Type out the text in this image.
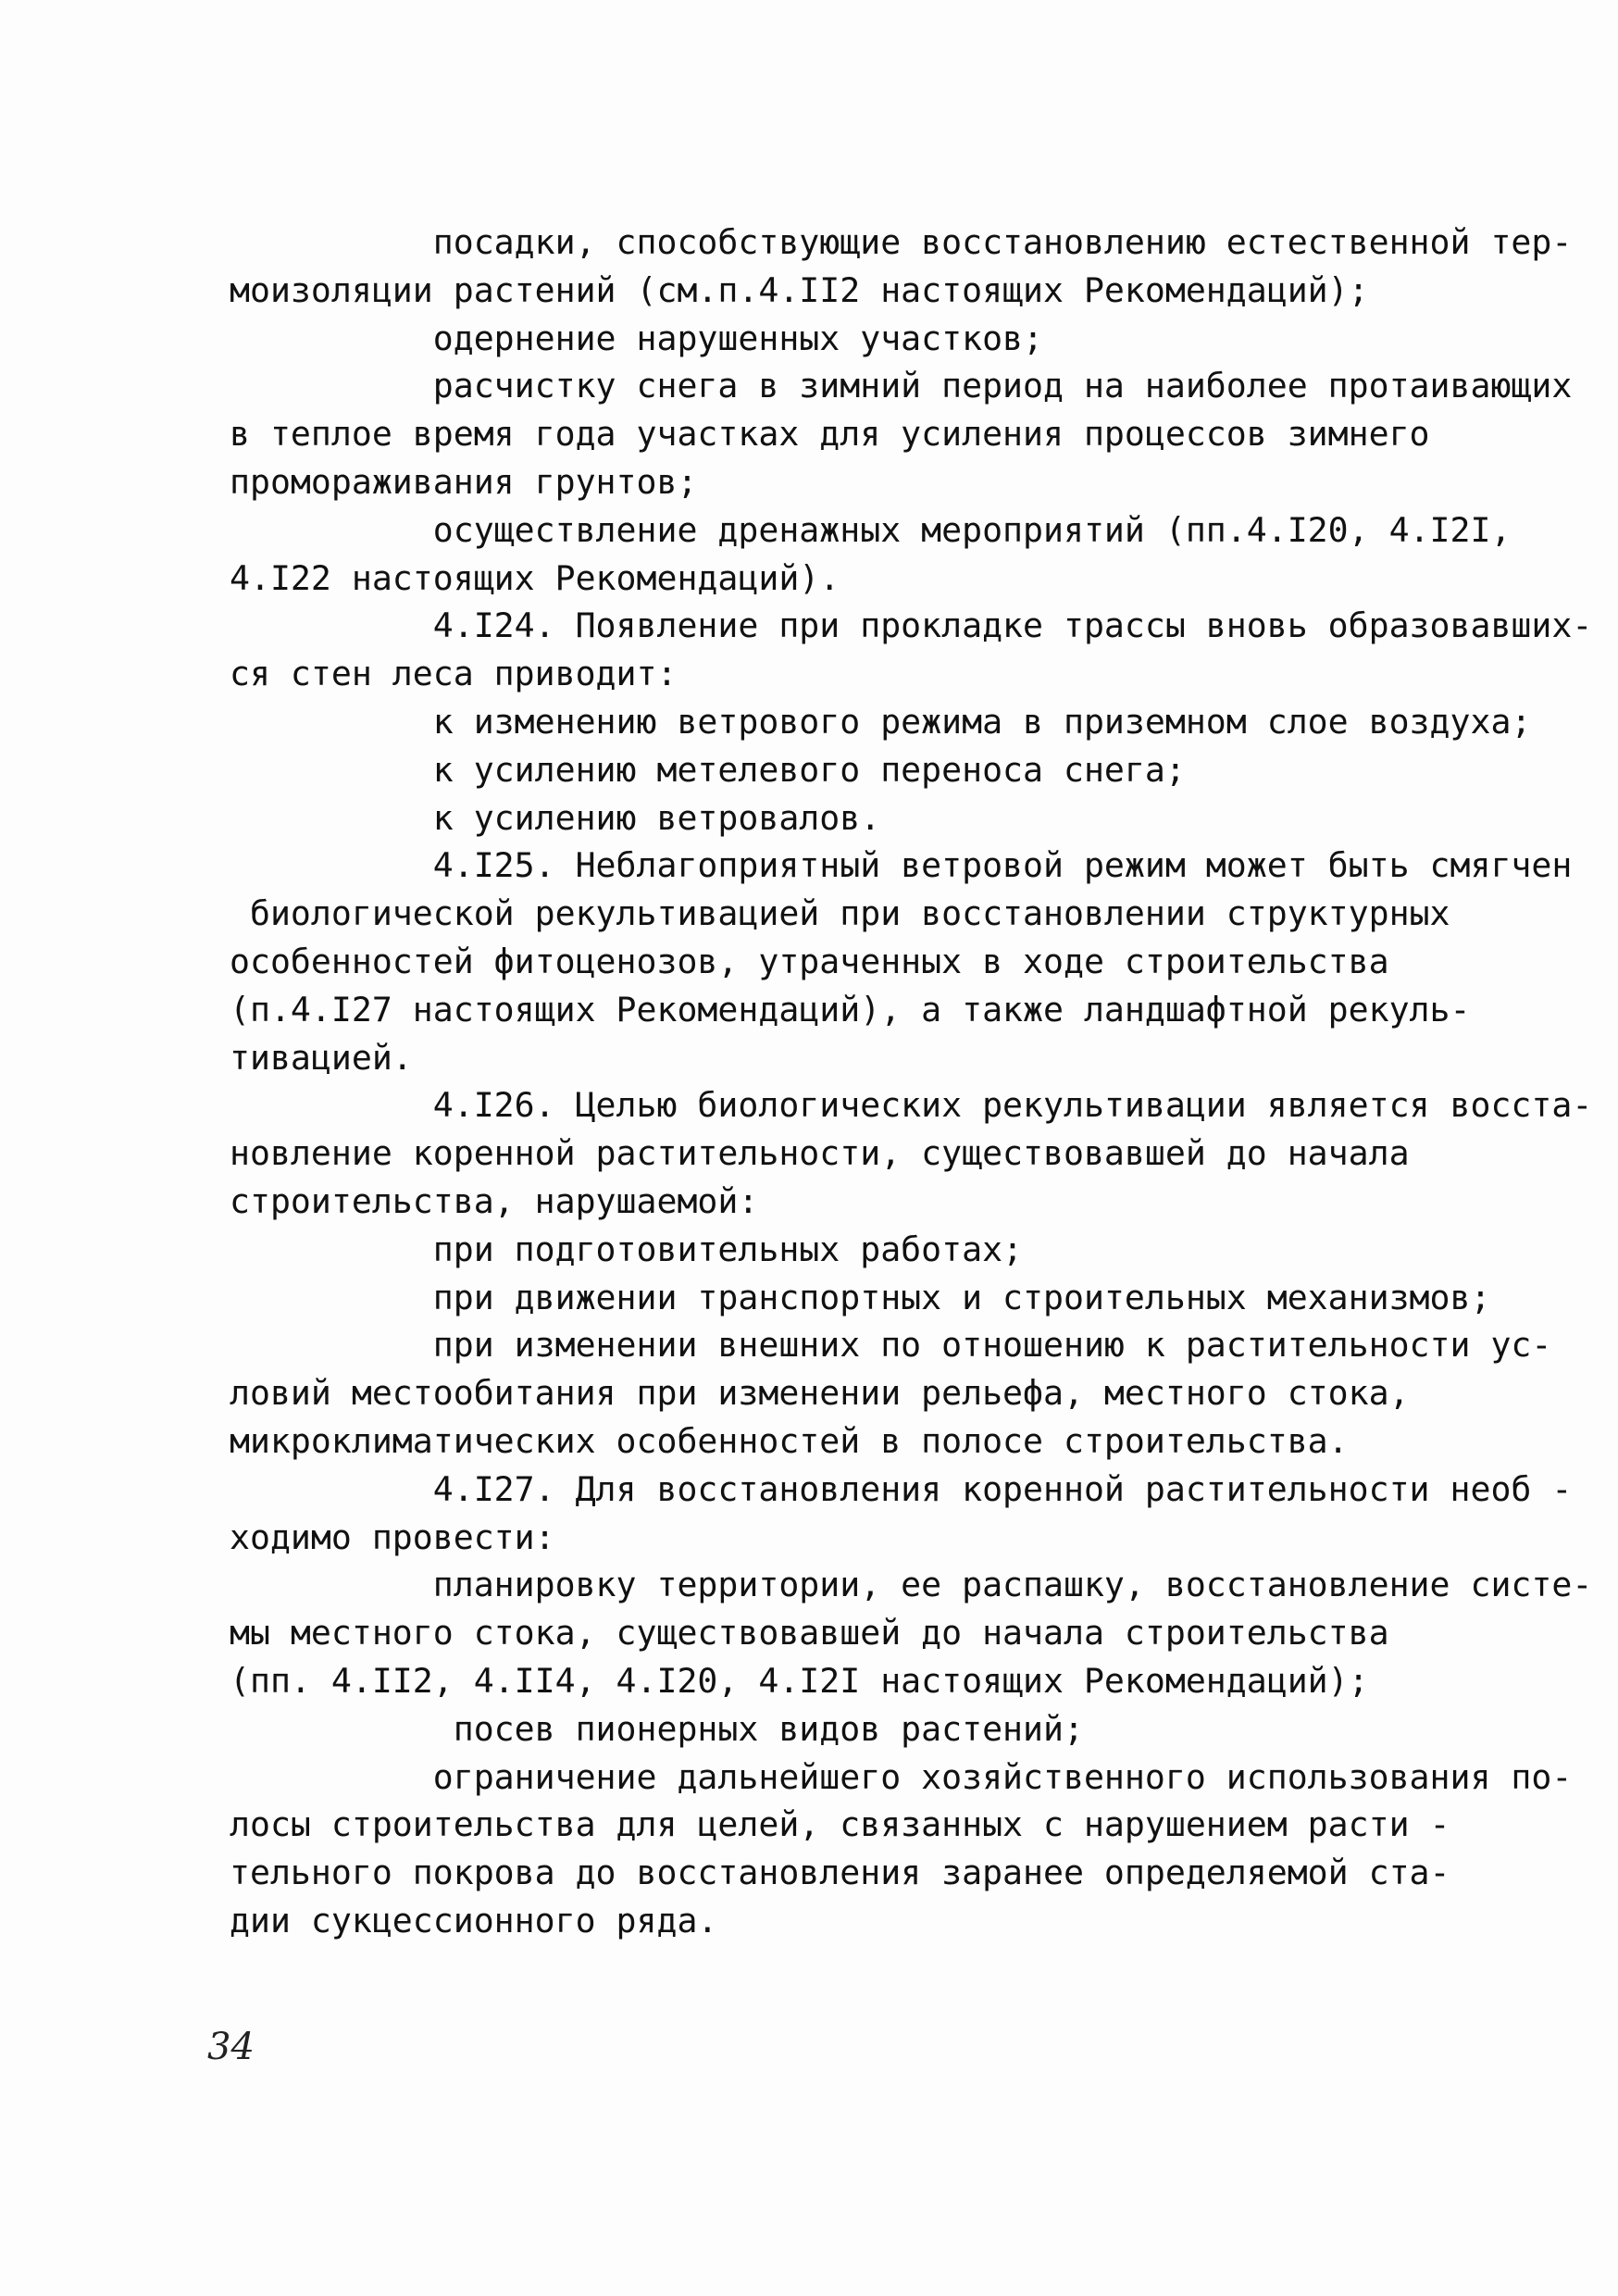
посадки, способствующие восстановлению естественной тер-
моизоляции растений (см.п.4.II2 настоящих Рекомендаций);
одернение нарушенных участков;
расчистку снега в зимний период на наиболее протаивающих
в теплое время года участках для усиления процессов зимнего
промораживания грунтов;
осуществление дренажных мероприятий (пп.4.I20, 4.I2I,
4.I22 настоящих Рекомендаций).
4.I24. Появление при прокладке трассы вновь образовавших-
ся стен леса приводит:
к изменению ветрового режима в приземном слое воздуха;
к усилению метелевого переноса снега;
к усилению ветровалов.
4.I25. Неблагоприятный ветровой режим может быть смягчен
биологической рекультивацией при восстановлении структурных
особенностей фитоценозов, утраченных в ходе строительства
(п.4.I27 настоящих Рекомендаций), а также ландшафтной рекуль-
тивацией.
4.I26. Целью биологических рекультивации является восста-
новление коренной растительности, существовавшей до начала
строительства, нарушаемой:
при подготовительных работах;
при движении транспортных и строительных механизмов;
при изменении внешних по отношению к растительности ус-
ловий местообитания при изменении рельефа, местного стока,
микроклиматических особенностей в полосе строительства.
4.I27. Для восстановления коренной растительности необ -
ходимо провести:
планировку территории, ее распашку, восстановление систе-
мы местного стока, существовавшей до начала строительства
(пп. 4.II2, 4.II4, 4.I20, 4.I2I настоящих Рекомендаций);
посев пионерных видов растений;
ограничение дальнейшего хозяйственного использования по-
лосы строительства для целей, связанных с нарушением расти -
тельного покрова до восстановления заранее определяемой ста-
дии сукцессионного ряда.
34
